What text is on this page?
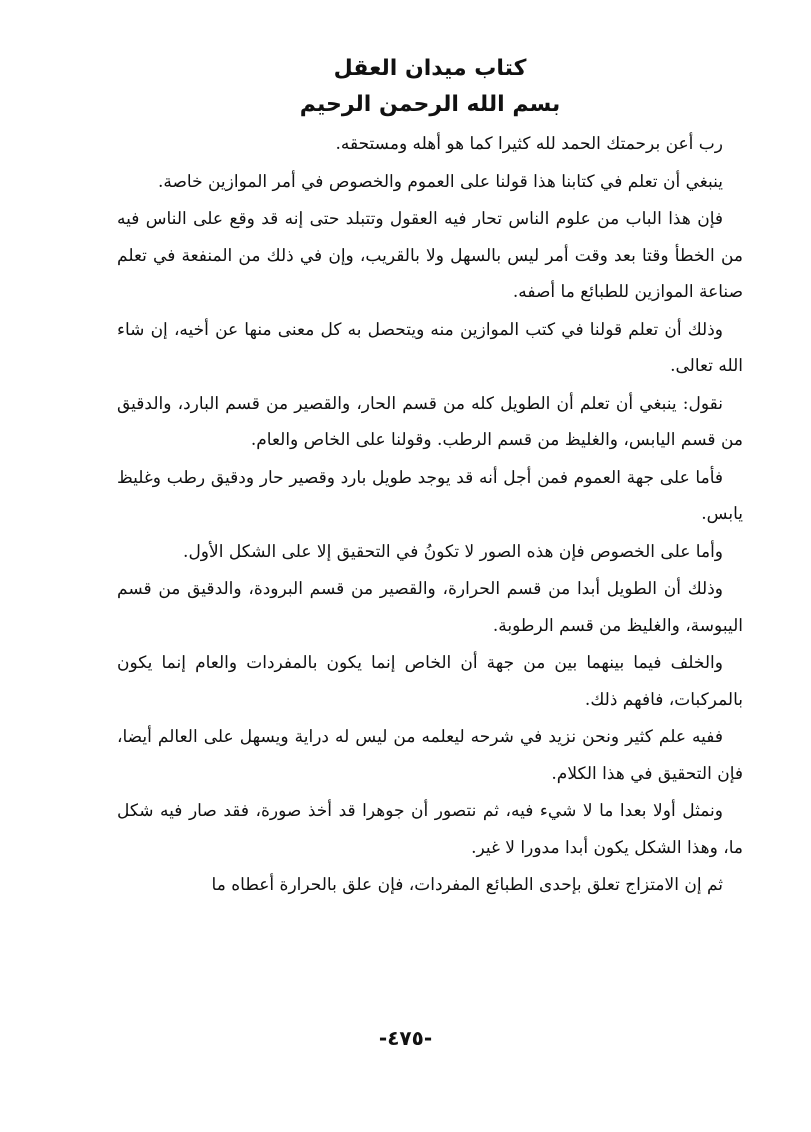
كتاب ميدان العقل
بسم الله الرحمن الرحيم

رب أعن برحمتك الحمد لله كثيرا كما هو أهله ومستحقه.

ينبغي أن تعلم في كتابنا هذا قولنا على العموم والخصوص في أمر الموازين خاصة.

فإن هذا الباب من علوم الناس تحار فيه العقول وتتبلد حتى إنه قد وقع على الناس فيه من الخطأ وقتا بعد وقت أمر ليس بالسهل ولا بالقريب، وإن في ذلك من المنفعة في تعلم صناعة الموازين للطبائع ما أصفه.

وذلك أن تعلم قولنا في كتب الموازين منه ويتحصل به كل معنى منها عن أخيه، إن شاء الله تعالى.

نقول: ينبغي أن تعلم أن الطويل كله من قسم الحار، والقصير من قسم البارد، والدقيق من قسم اليابس، والغليظ من قسم الرطب. وقولنا على الخاص والعام.

فأما على جهة العموم فمن أجل أنه قد يوجد طويل بارد وقصير حار ودقيق رطب وغليظ يابس.

وأما على الخصوص فإن هذه الصور لا تكونُ في التحقيق إلا على الشكل الأول.

وذلك أن الطويل أبدا من قسم الحرارة، والقصير من قسم البرودة، والدقيق من قسم اليبوسة، والغليظ من قسم الرطوبة.

والخلف فيما بينهما بين من جهة أن الخاص إنما يكون بالمفردات والعام إنما يكون بالمركبات، فافهم ذلك.

ففيه علم كثير ونحن نزيد في شرحه ليعلمه من ليس له دراية ويسهل على العالم أيضا، فإن التحقيق في هذا الكلام.

ونمثل أولا بعدا ما لا شيء فيه، ثم نتصور أن جوهرا قد أخذ صورة، فقد صار فيه شكل ما، وهذا الشكل يكون أبدا مدورا لا غير.

ثم إن الامتزاج تعلق بإحدى الطبائع المفردات، فإن علق بالحرارة أعطاه ما

-٤٧٥-
